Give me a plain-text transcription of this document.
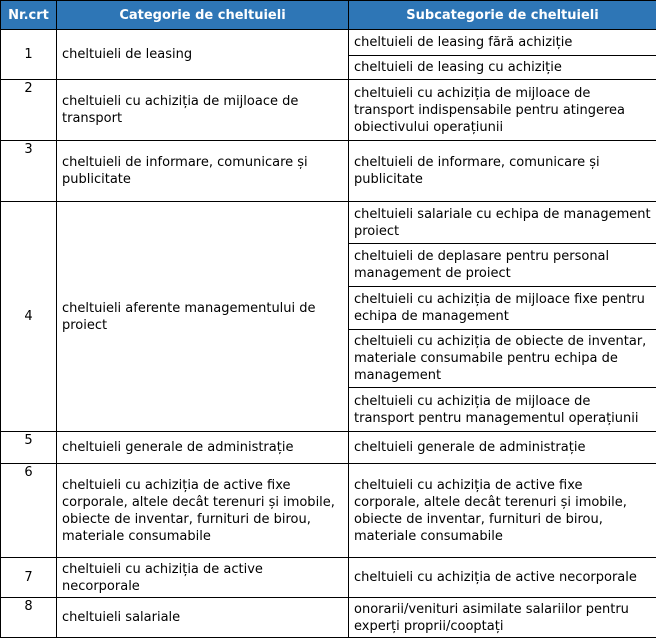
Nr.crt	Categorie de cheltuieli	Subcategorie de cheltuieli
1	cheltuieli de leasing	cheltuieli de leasing fără achiziție
		cheltuieli de leasing cu achiziție
2	cheltuieli cu achiziția de mijloace de transport	cheltuieli cu achiziția de mijloace de transport indispensabile pentru atingerea obiectivului operațiunii
3	cheltuieli de informare, comunicare și publicitate	cheltuieli de informare, comunicare și publicitate
4	cheltuieli aferente managementului de proiect	cheltuieli salariale cu echipa de management proiect
		cheltuieli de deplasare pentru personal management de proiect
		cheltuieli cu achiziția de mijloace fixe pentru echipa de management
		cheltuieli cu achiziția de obiecte de inventar, materiale consumabile pentru echipa de management
		cheltuieli cu achiziția de mijloace de transport pentru managementul operațiunii
5	cheltuieli generale de administrație	cheltuieli generale de administrație
6	cheltuieli cu achiziția de active fixe corporale, altele decât terenuri și imobile, obiecte de inventar, furnituri de birou, materiale consumabile	cheltuieli cu achiziția de active fixe corporale, altele decât terenuri și imobile, obiecte de inventar, furnituri de birou, materiale consumabile
7	cheltuieli cu achiziția de active necorporale	cheltuieli cu achiziția de active necorporale
8	cheltuieli salariale	onorarii/venituri asimilate salariilor pentru experți proprii/cooptați
